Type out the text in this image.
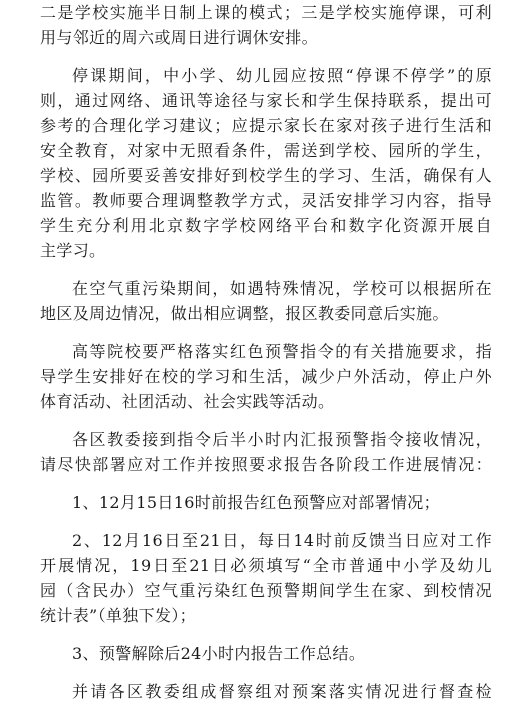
二是学校实施半日制上课的模式；三是学校实施停课，可利
用与邻近的周六或周日进行调休安排。
停课期间，中小学、幼儿园应按照“停课不停学”的原
则，通过网络、通讯等途径与家长和学生保持联系，提出可
参考的合理化学习建议；应提示家长在家对孩子进行生活和
安全教育，对家中无照看条件，需送到学校、园所的学生，
学校、园所要妥善安排好到校学生的学习、生活，确保有人
监管。教师要合理调整教学方式，灵活安排学习内容，指导
学生充分利用北京数字学校网络平台和数字化资源开展自
主学习。
在空气重污染期间，如遇特殊情况，学校可以根据所在
地区及周边情况，做出相应调整，报区教委同意后实施。
高等院校要严格落实红色预警指令的有关措施要求，指
导学生安排好在校的学习和生活，减少户外活动，停止户外
体育活动、社团活动、社会实践等活动。
各区教委接到指令后半小时内汇报预警指令接收情况，
请尽快部署应对工作并按照要求报告各阶段工作进展情况：
1、12月15日16时前报告红色预警应对部署情况；
2、12月16日至21日，每日14时前反馈当日应对工作
开展情况，19日至21日必须填写“全市普通中小学及幼儿
园（含民办）空气重污染红色预警期间学生在家、到校情况
统计表”（单独下发）；
3、预警解除后24小时内报告工作总结。
并请各区教委组成督察组对预案落实情况进行督查检
